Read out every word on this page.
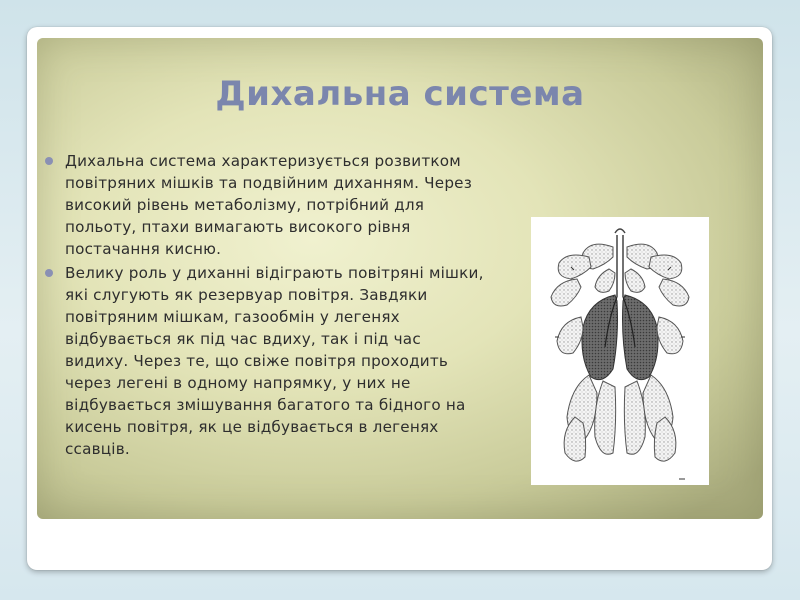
Дихальна система
Дихальна система характеризується розвитком повітряних мішків та подвійним диханням. Через високий рівень метаболізму, потрібний для польоту, птахи вимагають високого рівня постачання кисню.
Велику роль у диханні відіграють повітряні мішки, які слугують як резервуар повітря. Завдяки повітряним мішкам, газообмін у легенях відбувається як під час вдиху, так і під час видиху. Через те, що свіже повітря проходить через легені в одному напрямку, у них не відбувається змішування багатого та бідного на кисень повітря, як це відбувається в легенях ссавців.
